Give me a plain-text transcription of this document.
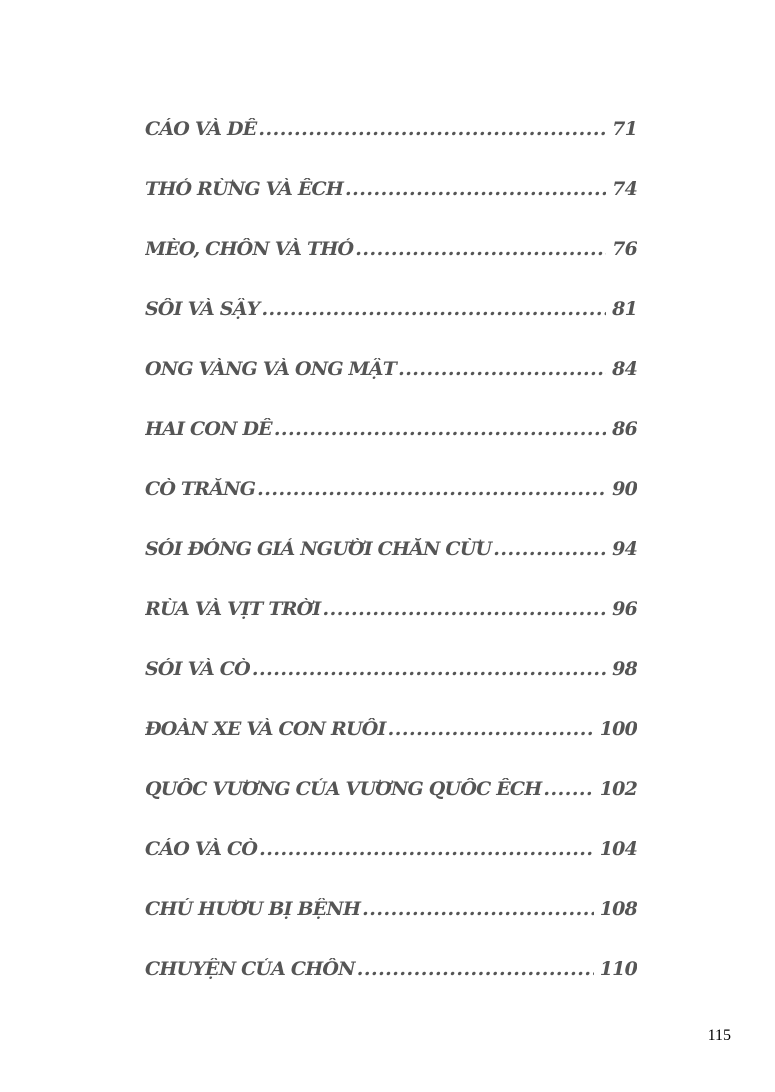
CÁO VÀ DÊ .....	71
THỎ RỪNG VÀ ẾCH .....	74
MÈO, CHỒN VÀ THỎ .....	76
SỒI VÀ SẬY .....	81
ONG VÀNG VÀ ONG MẬT .....	84
HAI CON DÊ .....	86
CÒ TRẮNG .....	90
SÓI ĐÓNG GIẢ NGƯỜI CHĂN CỪU .....	94
RÙA VÀ VỊT TRỜI .....	96
SÓI VÀ CÒ .....	98
ĐOÀN XE VÀ CON RUỒI .....	100
QUỐC VƯƠNG CỦA VƯƠNG QUỐC ẾCH .....	102
CÁO VÀ CÒ .....	104
CHÚ HƯƠU BỊ BỆNH .....	108
CHUYỆN CỦA CHỒN .....	110
115
